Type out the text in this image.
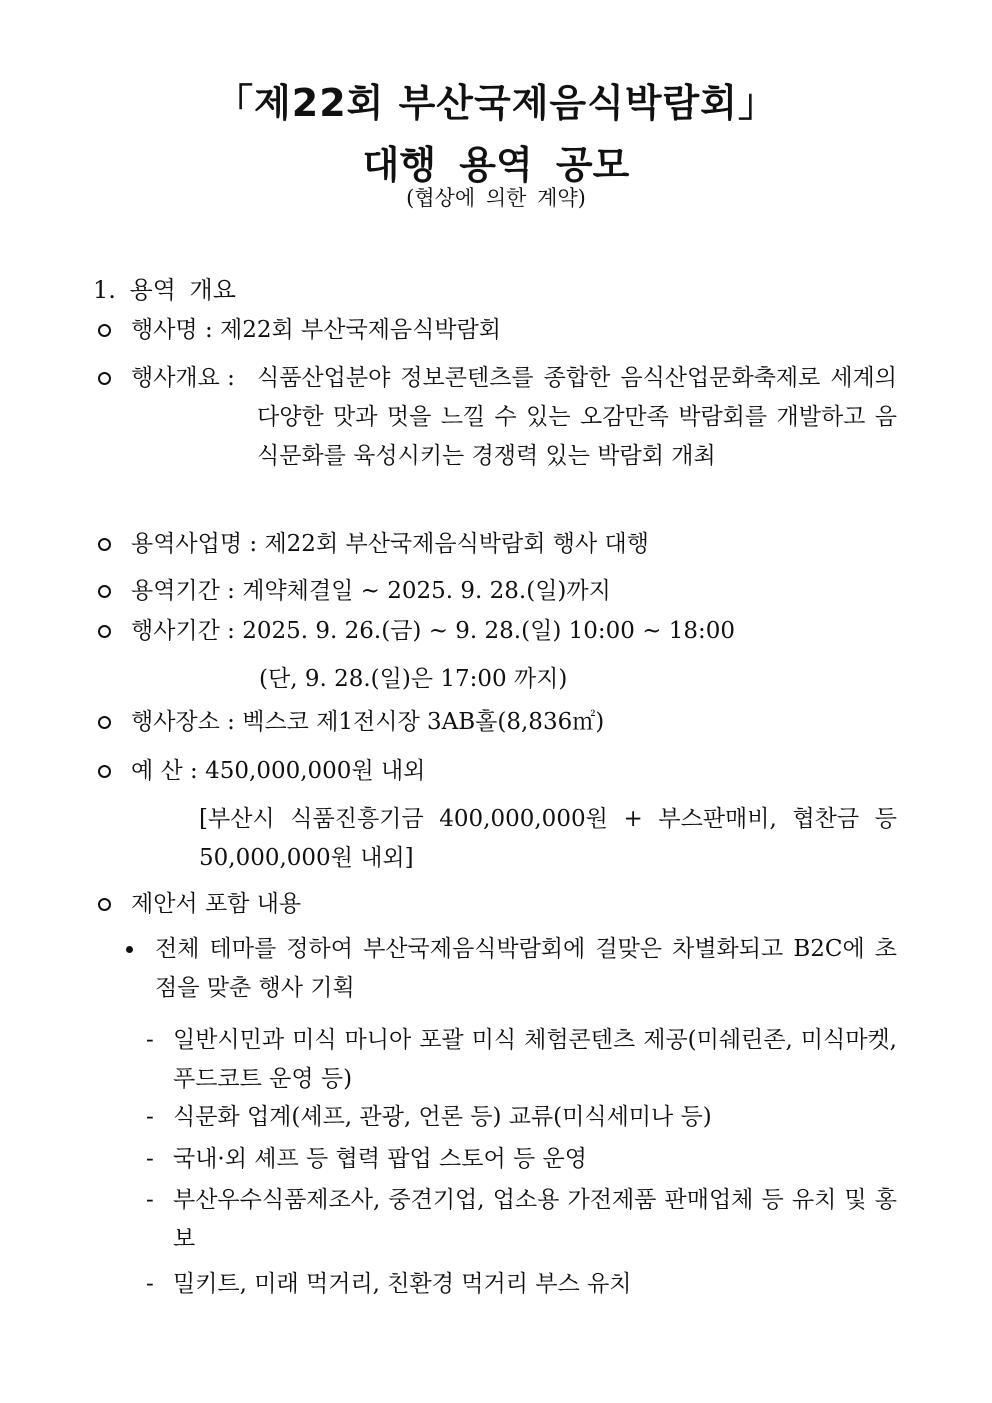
「제22회 부산국제음식박람회」
대행 용역 공모
(협상에 의한 계약)
1. 용역 개요
행사명 : 제22회 부산국제음식박람회
행사개요 : 식품산업분야 정보콘텐츠를 종합한 음식산업문화축제로 세계의 다양한 맛과 멋을 느낄 수 있는 오감만족 박람회를 개발하고 음식문화를 육성시키는 경쟁력 있는 박람회 개최
용역사업명 : 제22회 부산국제음식박람회 행사 대행
용역기간 : 계약체결일 ~ 2025. 9. 28.(일)까지
행사기간 : 2025. 9. 26.(금) ~ 9. 28.(일) 10:00 ~ 18:00
(단, 9. 28.(일)은 17:00 까지)
행사장소 : 벡스코 제1전시장 3AB홀(8,836㎡)
예 산 : 450,000,000원 내외
[부산시 식품진흥기금 400,000,000원 + 부스판매비, 협찬금 등 50,000,000원 내외]
제안서 포함 내용
전체 테마를 정하여 부산국제음식박람회에 걸맞은 차별화되고 B2C에 초점을 맞춘 행사 기획
- 일반시민과 미식 마니아 포괄 미식 체험콘텐츠 제공(미쉐린존, 미식마켓, 푸드코트 운영 등)
- 식문화 업계(셰프, 관광, 언론 등) 교류(미식세미나 등)
- 국내·외 셰프 등 협력 팝업 스토어 등 운영
- 부산우수식품제조사, 중견기업, 업소용 가전제품 판매업체 등 유치 및 홍보
- 밀키트, 미래 먹거리, 친환경 먹거리 부스 유치
